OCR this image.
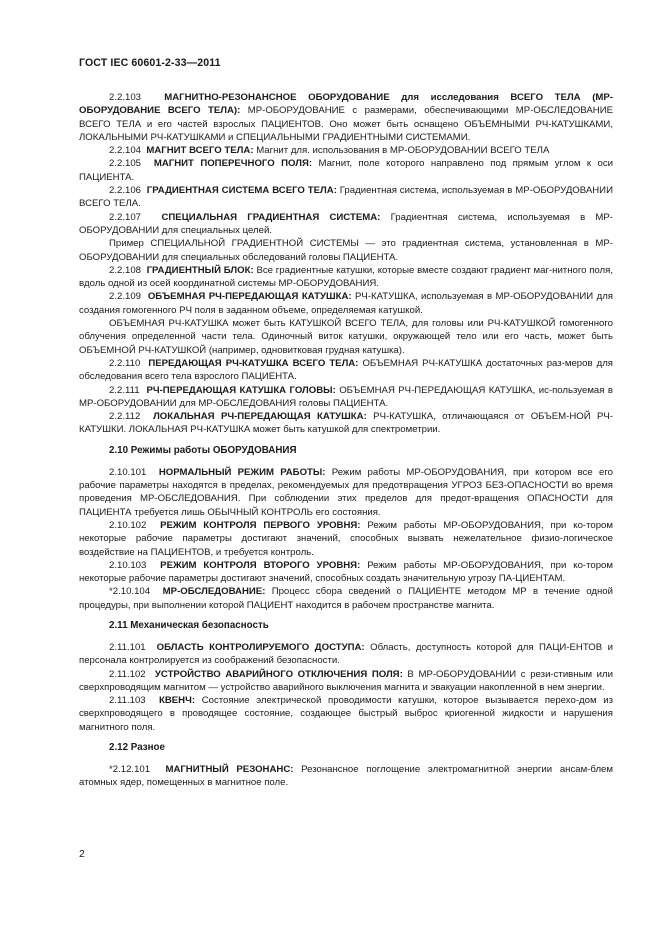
ГОСТ IEC 60601-2-33—2011

2.2.103 МАГНИТНО-РЕЗОНАНСНОЕ ОБОРУДОВАНИЕ для исследования ВСЕГО ТЕЛА (МР-ОБОРУДОВАНИЕ ВСЕГО ТЕЛА): МР-ОБОРУДОВАНИЕ с размерами, обеспечивающими МР-ОБСЛЕДОВАНИЕ ВСЕГО ТЕЛА и его частей взрослых ПАЦИЕНТОВ. Оно может быть оснащено ОБЪЕМНЫМИ РЧ-КАТУШКАМИ, ЛОКАЛЬНЫМИ РЧ-КАТУШКАМИ и СПЕЦИАЛЬНЫМИ ГРАДИЕНТНЫМИ СИСТЕМАМИ.

2.2.104 МАГНИТ ВСЕГО ТЕЛА: Магнит для. использования в МР-ОБОРУДОВАНИИ ВСЕГО ТЕЛА

2.2.105 МАГНИТ ПОПЕРЕЧНОГО ПОЛЯ: Магнит, поле которого направлено под прямым углом к оси ПАЦИЕНТА.

2.2.106 ГРАДИЕНТНАЯ СИСТЕМА ВСЕГО ТЕЛА: Градиентная система, используемая в МР-ОБОРУДОВАНИИ ВСЕГО ТЕЛА.

2.2.107 СПЕЦИАЛЬНАЯ ГРАДИЕНТНАЯ СИСТЕМА: Градиентная система, используемая в МР-ОБОРУДОВАНИИ для специальных целей.

Пример СПЕЦИАЛЬНОЙ ГРАДИЕНТНОЙ СИСТЕМЫ — это градиентная система, установленная в МР-ОБОРУДОВАНИИ для специальных обследований головы ПАЦИЕНТА.

2.2.108 ГРАДИЕНТНЫЙ БЛОК: Все градиентные катушки, которые вместе создают градиент маг-нитного поля, вдоль одной из осей координатной системы МР-ОБОРУДОВАНИЯ.

2.2.109 ОБЪЕМНАЯ РЧ-ПЕРЕДАЮЩАЯ КАТУШКА: РЧ-КАТУШКА, используемая в МР-ОБОРУДОВАНИИ для создания гомогенного РЧ поля в заданном объеме, определяемая катушкой.

ОБЪЕМНАЯ РЧ-КАТУШКА может быть КАТУШКОЙ ВСЕГО ТЕЛА, для головы или РЧ-КАТУШКОЙ гомогенного облучения определенной части тела. Одиночный виток катушки, окружающей тело или его часть, может быть ОБЪЕМНОЙ РЧ-КАТУШКОЙ (например, одновитковая грудная катушка).

2.2.110 ПЕРЕДАЮЩАЯ РЧ-КАТУШКА ВСЕГО ТЕЛА: ОБЪЕМНАЯ РЧ-КАТУШКА достаточных раз-меров для обследования всего тела взрослого ПАЦИЕНТА.

2.2.111 РЧ-ПЕРЕДАЮЩАЯ КАТУШКА ГОЛОВЫ: ОБЪЕМНАЯ РЧ-ПЕРЕДАЮЩАЯ КАТУШКА, ис-пользуемая в МР-ОБОРУДОВАНИИ для МР-ОБСЛЕДОВАНИЯ головы ПАЦИЕНТА.

2.2.112 ЛОКАЛЬНАЯ РЧ-ПЕРЕДАЮЩАЯ КАТУШКА: РЧ-КАТУШКА, отличающаяся от ОБЪЕМ-НОЙ РЧ-КАТУШКИ. ЛОКАЛЬНАЯ РЧ-КАТУШКА может быть катушкой для спектрометрии.

2.10 Режимы работы ОБОРУДОВАНИЯ

2.10.101 НОРМАЛЬНЫЙ РЕЖИМ РАБОТЫ: Режим работы МР-ОБОРУДОВАНИЯ, при котором все его рабочие параметры находятся в пределах, рекомендуемых для предотвращения УГРОЗ БЕЗ-ОПАСНОСТИ во время проведения МР-ОБСЛЕДОВАНИЯ. При соблюдении этих пределов для предот-вращения ОПАСНОСТИ для ПАЦИЕНТА требуется лишь ОБЫЧНЫЙ КОНТРОЛЬ его состояния.

2.10.102 РЕЖИМ КОНТРОЛЯ ПЕРВОГО УРОВНЯ: Режим работы МР-ОБОРУДОВАНИЯ, при ко-тором некоторые рабочие параметры достигают значений, способных вызвать нежелательное физио-логическое воздействие на ПАЦИЕНТОВ, и требуется контроль.

2.10.103 РЕЖИМ КОНТРОЛЯ ВТОРОГО УРОВНЯ: Режим работы МР-ОБОРУДОВАНИЯ, при ко-тором некоторые рабочие параметры достигают значений, способных создать значительную угрозу ПА-ЦИЕНТАМ.

*2.10.104 МР-ОБСЛЕДОВАНИЕ: Процесс сбора сведений о ПАЦИЕНТЕ методом МР в течение одной процедуры, при выполнении которой ПАЦИЕНТ находится в рабочем пространстве магнита.

2.11 Механическая безопасность

2.11.101 ОБЛАСТЬ КОНТРОЛИРУЕМОГО ДОСТУПА: Область, доступность которой для ПАЦИ-ЕНТОВ и персонала контролируется из соображений безопасности.

2.11.102 УСТРОЙСТВО АВАРИЙНОГО ОТКЛЮЧЕНИЯ ПОЛЯ: В МР-ОБОРУДОВАНИИ с рези-стивным или сверхпроводящим магнитом — устройство аварийного выключения магнита и эвакуации накопленной в нем энергии.

2.11.103 КВЕНЧ: Состояние электрической проводимости катушки, которое вызывается перехо-дом из сверхпроводящего в проводящее состояние, создающее быстрый выброс криогенной жидкости и нарушения магнитного поля.

2.12 Разное

*2.12.101 МАГНИТНЫЙ РЕЗОНАНС: Резонансное поглощение электромагнитной энергии ансам-блем атомных ядер, помещенных в магнитное поле.

2
